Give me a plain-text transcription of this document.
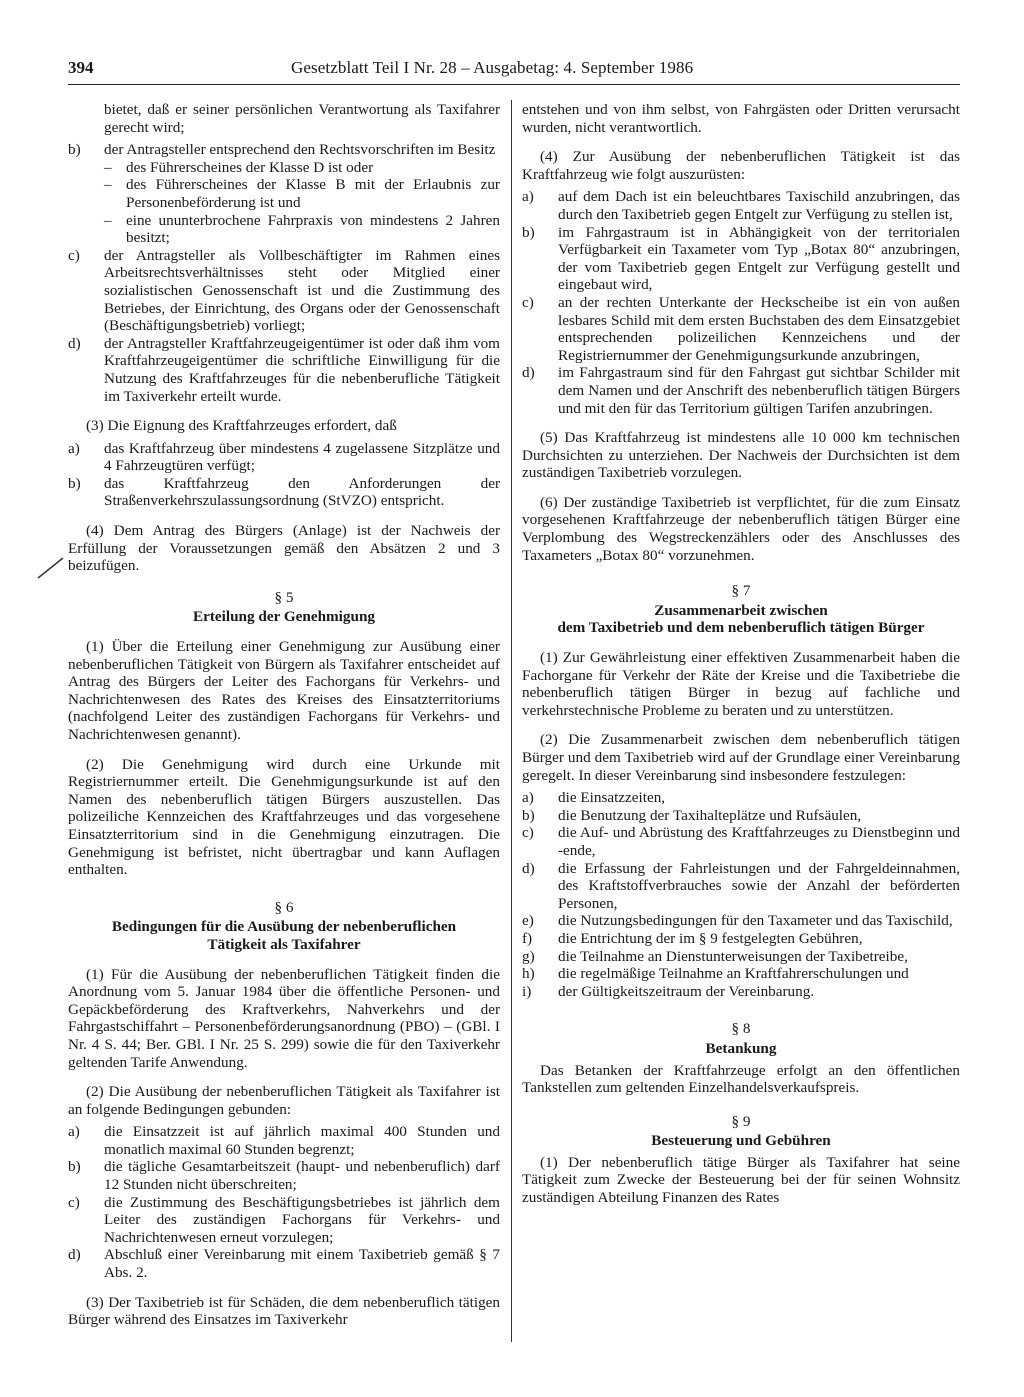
394	Gesetzblatt Teil I Nr. 28 – Ausgabetag: 4. September 1986

bietet, daß er seiner persönlichen Verantwortung als Taxifahrer gerecht wird;

b) der Antragsteller entsprechend den Rechtsvorschriften im Besitz
– des Führerscheines der Klasse D ist oder
– des Führerscheines der Klasse B mit der Erlaubnis zur Personenbeförderung ist und
– eine ununterbrochene Fahrpraxis von mindestens 2 Jahren besitzt;
c) der Antragsteller als Vollbeschäftigter im Rahmen eines Arbeitsrechtsverhältnisses steht oder Mitglied einer sozialistischen Genossenschaft ist und die Zustimmung des Betriebes, der Einrichtung, des Organs oder der Genossenschaft (Beschäftigungsbetrieb) vorliegt;
d) der Antragsteller Kraftfahrzeugeigentümer ist oder daß ihm vom Kraftfahrzeugeigentümer die schriftliche Einwilligung für die Nutzung des Kraftfahrzeuges für die nebenberufliche Tätigkeit im Taxiverkehr erteilt wurde.

(3) Die Eignung des Kraftfahrzeuges erfordert, daß

a) das Kraftfahrzeug über mindestens 4 zugelassene Sitzplätze und 4 Fahrzeugtüren verfügt;
b) das Kraftfahrzeug den Anforderungen der Straßenverkehrszulassungsordnung (StVZO) entspricht.

(4) Dem Antrag des Bürgers (Anlage) ist der Nachweis der Erfüllung der Voraussetzungen gemäß den Absätzen 2 und 3 beizufügen.

§ 5
Erteilung der Genehmigung

(1) Über die Erteilung einer Genehmigung zur Ausübung einer nebenberuflichen Tätigkeit von Bürgern als Taxifahrer entscheidet auf Antrag des Bürgers der Leiter des Fachorgans für Verkehrs- und Nachrichtenwesen des Rates des Kreises des Einsatzterritoriums (nachfolgend Leiter des zuständigen Fachorgans für Verkehrs- und Nachrichtenwesen genannt).

(2) Die Genehmigung wird durch eine Urkunde mit Registriernummer erteilt. Die Genehmigungsurkunde ist auf den Namen des nebenberuflich tätigen Bürgers auszustellen. Das polizeiliche Kennzeichen des Kraftfahrzeuges und das vorgesehene Einsatzterritorium sind in die Genehmigung einzutragen. Die Genehmigung ist befristet, nicht übertragbar und kann Auflagen enthalten.

§ 6
Bedingungen für die Ausübung der nebenberuflichen
Tätigkeit als Taxifahrer

(1) Für die Ausübung der nebenberuflichen Tätigkeit finden die Anordnung vom 5. Januar 1984 über die öffentliche Personen- und Gepäckbeförderung des Kraftverkehrs, Nahverkehrs und der Fahrgastschiffahrt – Personenbeförderungsanordnung (PBO) – (GBl. I Nr. 4 S. 44; Ber. GBl. I Nr. 25 S. 299) sowie die für den Taxiverkehr geltenden Tarife Anwendung.

(2) Die Ausübung der nebenberuflichen Tätigkeit als Taxifahrer ist an folgende Bedingungen gebunden:

a) die Einsatzzeit ist auf jährlich maximal 400 Stunden und monatlich maximal 60 Stunden begrenzt;
b) die tägliche Gesamtarbeitszeit (haupt- und nebenberuflich) darf 12 Stunden nicht überschreiten;
c) die Zustimmung des Beschäftigungsbetriebes ist jährlich dem Leiter des zuständigen Fachorgans für Verkehrs- und Nachrichtenwesen erneut vorzulegen;
d) Abschluß einer Vereinbarung mit einem Taxibetrieb gemäß § 7 Abs. 2.

(3) Der Taxibetrieb ist für Schäden, die dem nebenberuflich tätigen Bürger während des Einsatzes im Taxiverkehr

entstehen und von ihm selbst, von Fahrgästen oder Dritten verursacht wurden, nicht verantwortlich.

(4) Zur Ausübung der nebenberuflichen Tätigkeit ist das Kraftfahrzeug wie folgt auszurüsten:

a) auf dem Dach ist ein beleuchtbares Taxischild anzubringen, das durch den Taxibetrieb gegen Entgelt zur Verfügung zu stellen ist,
b) im Fahrgastraum ist in Abhängigkeit von der territorialen Verfügbarkeit ein Taxameter vom Typ „Botax 80“ anzubringen, der vom Taxibetrieb gegen Entgelt zur Verfügung gestellt und eingebaut wird,
c) an der rechten Unterkante der Heckscheibe ist ein von außen lesbares Schild mit dem ersten Buchstaben des dem Einsatzgebiet entsprechenden polizeilichen Kennzeichens und der Registriernummer der Genehmigungsurkunde anzubringen,
d) im Fahrgastraum sind für den Fahrgast gut sichtbar Schilder mit dem Namen und der Anschrift des nebenberuflich tätigen Bürgers und mit den für das Territorium gültigen Tarifen anzubringen.

(5) Das Kraftfahrzeug ist mindestens alle 10 000 km technischen Durchsichten zu unterziehen. Der Nachweis der Durchsichten ist dem zuständigen Taxibetrieb vorzulegen.

(6) Der zuständige Taxibetrieb ist verpflichtet, für die zum Einsatz vorgesehenen Kraftfahrzeuge der nebenberuflich tätigen Bürger eine Verplombung des Wegstreckenzählers oder des Anschlusses des Taxameters „Botax 80“ vorzunehmen.

§ 7
Zusammenarbeit zwischen
dem Taxibetrieb und dem nebenberuflich tätigen Bürger

(1) Zur Gewährleistung einer effektiven Zusammenarbeit haben die Fachorgane für Verkehr der Räte der Kreise und die Taxibetriebe die nebenberuflich tätigen Bürger in bezug auf fachliche und verkehrstechnische Probleme zu beraten und zu unterstützen.

(2) Die Zusammenarbeit zwischen dem nebenberuflich tätigen Bürger und dem Taxibetrieb wird auf der Grundlage einer Vereinbarung geregelt. In dieser Vereinbarung sind insbesondere festzulegen:

a) die Einsatzzeiten,
b) die Benutzung der Taxihalteplätze und Rufsäulen,
c) die Auf- und Abrüstung des Kraftfahrzeuges zu Dienstbeginn und -ende,
d) die Erfassung der Fahrleistungen und der Fahrgeldeinnahmen, des Kraftstoffverbrauches sowie der Anzahl der beförderten Personen,
e) die Nutzungsbedingungen für den Taxameter und das Taxischild,
f) die Entrichtung der im § 9 festgelegten Gebühren,
g) die Teilnahme an Dienstunterweisungen der Taxibetreibe,
h) die regelmäßige Teilnahme an Kraftfahrerschulungen und
i) der Gültigkeitszeitraum der Vereinbarung.
§ 8
Betankung

Das Betanken der Kraftfahrzeuge erfolgt an den öffentlichen Tankstellen zum geltenden Einzelhandelsverkaufspreis.

§ 9
Besteuerung und Gebühren

(1) Der nebenberuflich tätige Bürger als Taxifahrer hat seine Tätigkeit zum Zwecke der Besteuerung bei der für seinen Wohnsitz zuständigen Abteilung Finanzen des Rates
